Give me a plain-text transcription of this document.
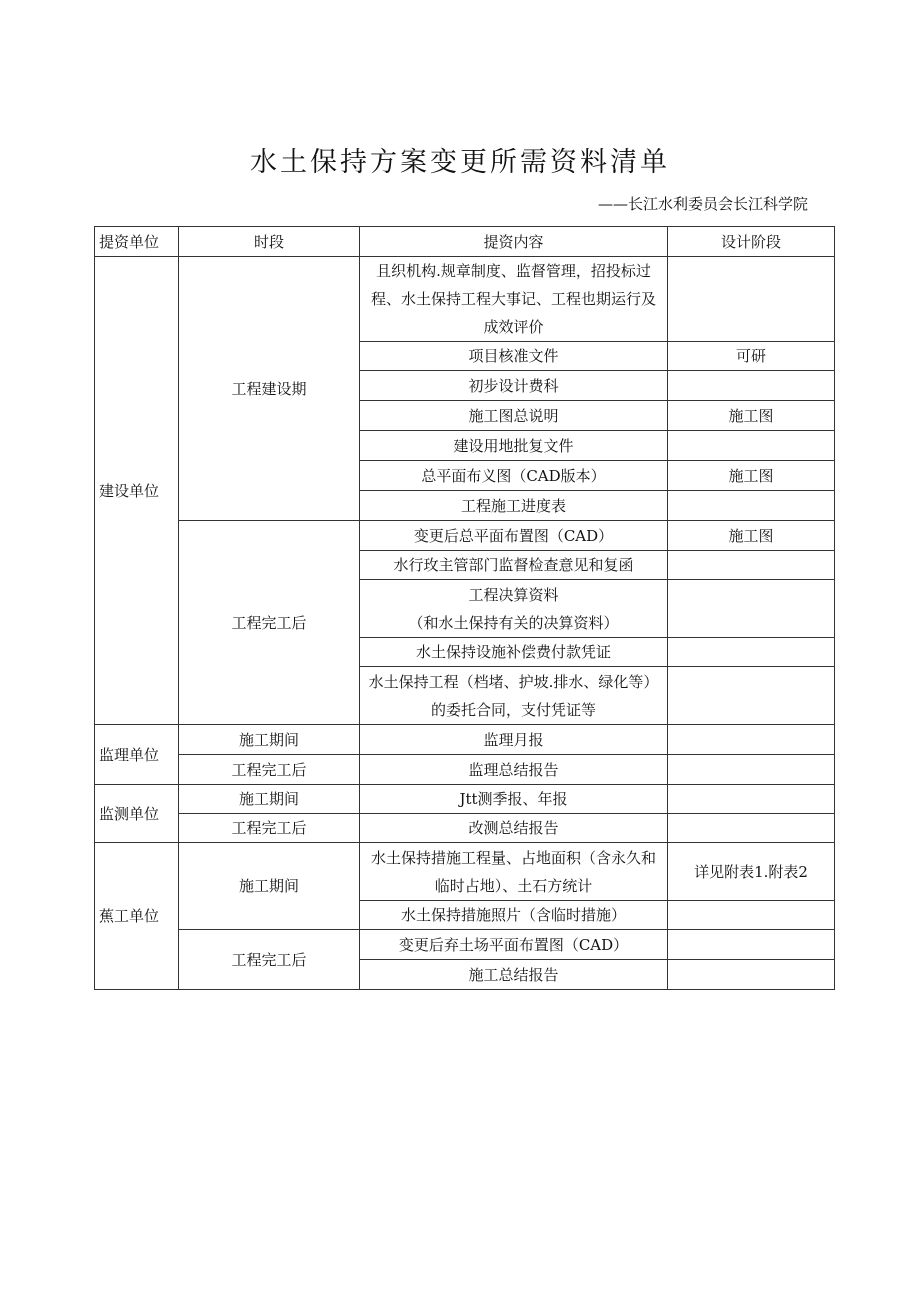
水土保持方案变更所需资料清单
——长江水利委员会长江科学院
提资单位	时段	提资内容	设计阶段
建设单位	工程建设期	且织机构.规章制度、监督管理，招投标过程、水土保持工程大事记、工程也期运行及成效评价	
		项目核准文件	可研
		初步设计费科	
		施工图总说明	施工图
		建设用地批复文件	
		总平面布义图（CAD版本）	施工图
		工程施工进度表	
	工程完工后	变更后总平面布置图（CAD）	施工图
		水行玫主管部门监督检查意见和复函	

		工程决算资料
（和水土保持有关的决算资料）	

		水土保持设施补偿费付款凭证	
		水土保持工程（档堵、护坡.排水、绿化等）的委托合同，支付凭证等	
监理单位	施工期间	监理月报	
	工程完工后	监理总结报告	
监测单位	施工期间	Jtt测季报、年报	
	工程完工后	改测总结报告	
蕉工单位	施工期间	水土保持措施工程量、占地面积（含永久和临时占地）、土石方统计	详见附表1.附表2
		水土保持措施照片（含临时措施）	
	工程完工后	变更后弃土场平面布置图（CAD）	
		施工总结报告	
